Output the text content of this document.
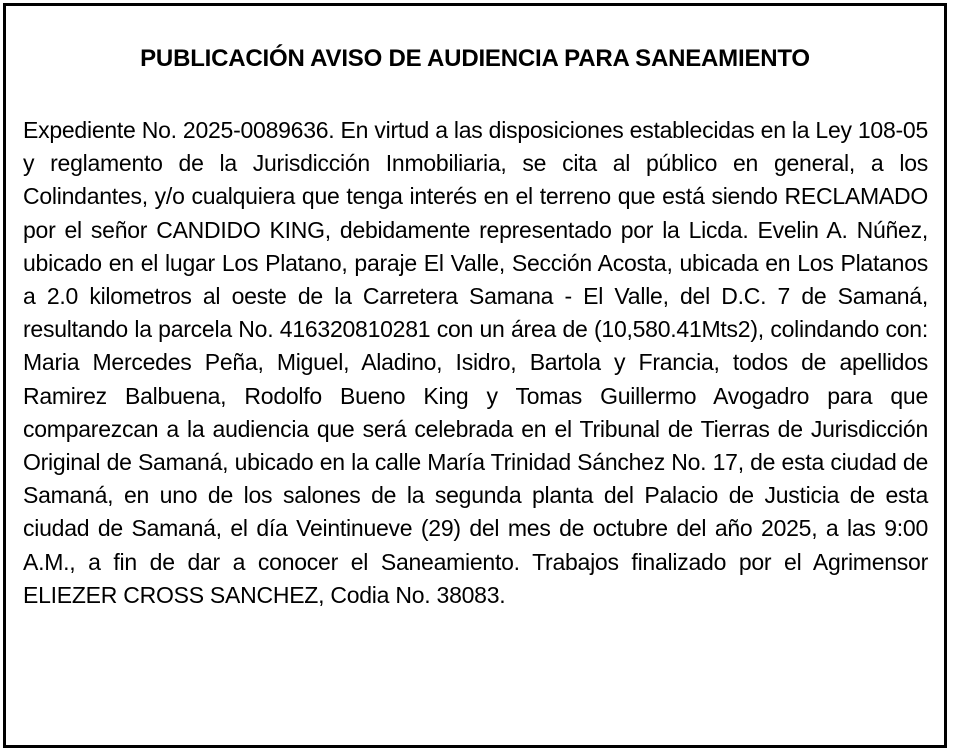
PUBLICACIÓN AVISO DE AUDIENCIA PARA SANEAMIENTO

Expediente No. 2025-0089636. En virtud a las disposiciones establecidas en la Ley 108-05 y reglamento de la Jurisdicción Inmobiliaria, se cita al público en general, a los Colindantes, y/o cualquiera que tenga interés en el terreno que está siendo RECLAMADO por el señor CANDIDO KING, debidamente representado por la Licda. Evelin A. Núñez, ubicado en el lugar Los Platano, paraje El Valle, Sección Acosta, ubicada en Los Platanos a 2.0 kilometros al oeste de la Carretera Samana - El Valle, del D.C. 7 de Samaná, resultando la parcela No. 416320810281 con un área de (10,580.41Mts2), colindando con: Maria Mercedes Peña, Miguel, Aladino, Isidro, Bartola y Francia, todos de apellidos Ramirez Balbuena, Rodolfo Bueno King y Tomas Guillermo Avogadro para que comparezcan a la audiencia que será celebrada en el Tribunal de Tierras de Jurisdicción Original de Samaná, ubicado en la calle María Trinidad Sánchez No. 17, de esta ciudad de Samaná, en uno de los salones de la segunda planta del Palacio de Justicia de esta ciudad de Samaná, el día Veintinueve (29) del mes de octubre del año 2025, a las 9:00 A.M., a fin de dar a conocer el Saneamiento. Trabajos finalizado por el Agrimensor ELIEZER CROSS SANCHEZ, Codia No. 38083.
